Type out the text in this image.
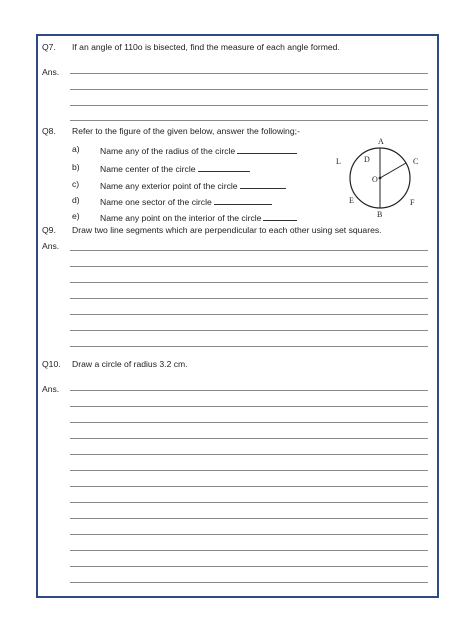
Q7. If an angle of 110o is bisected, find the measure of each angle formed.
Ans.
Q8. Refer to the figure of the given below, answer the following;-
a) Name any of the radius of the circle
b) Name center of the circle
c) Name any exterior point of the circle
d) Name one sector of the circle
e) Name any point on the interior of the circle
A
B
C
D
E	F
L
O
Q9. Draw two line segments which are perpendicular to each other using set squares.
Ans.
Q10. Draw a circle of radius 3.2 cm.
Ans.
